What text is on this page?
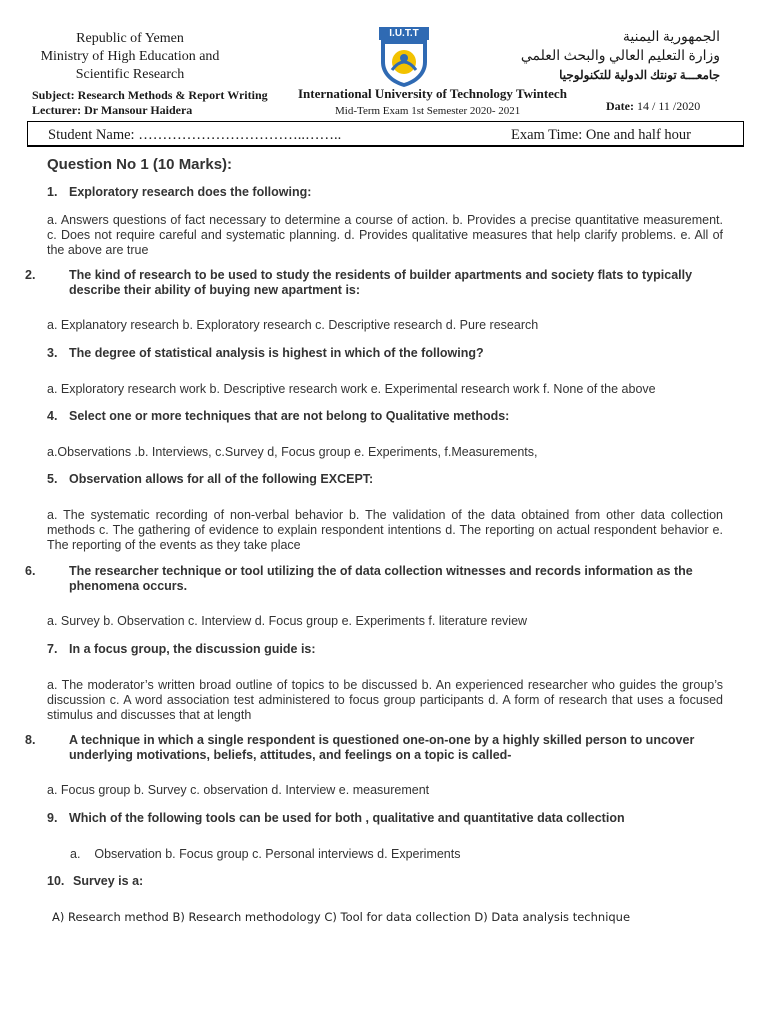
Republic of Yemen
Ministry of High Education and
Scientific Research
I.U.T.T	الجمهورية اليمنية
وزارة التعليم العالي والبحث العلمي
جامعـــة تونتك الدولية للتكنولوجيا
International University of Technology Twintech
Subject: Research Methods & Report Writing
Lecturer: Dr Mansour Haidera	Mid-Term Exam 1st Semester 2020- 2021	Date: 14 / 11 /2020
Student Name: ……………………………..……..	Exam Time: One and half hour
Question No 1 (10 Marks):
1. Exploratory research does the following:
a. Answers questions of fact necessary to determine a course of action. b. Provides a precise quantitative measurement. c. Does not require careful and systematic planning. d. Provides qualitative measures that help clarify problems. e. All of the above are true
2.	The kind of research to be used to study the residents of builder apartments and society flats to typically describe their ability of buying new apartment is:
a. Explanatory research b. Exploratory research c. Descriptive research d. Pure research
3. The degree of statistical analysis is highest in which of the following?
a. Exploratory research work b. Descriptive research work e. Experimental research work f. None of the above
4. Select one or more techniques that are not belong to Qualitative methods:
a.Observations .b. Interviews, c.Survey d, Focus group e. Experiments, f.Measurements,
5. Observation allows for all of the following EXCEPT:
a. The systematic recording of non-verbal behavior b. The validation of the data obtained from other data collection methods c. The gathering of evidence to explain respondent intentions d. The reporting on actual respondent behavior e. The reporting of the events as they take place
6.	The researcher technique or tool utilizing the of data collection witnesses and records information as the phenomena occurs.
a. Survey b. Observation c. Interview d. Focus group e. Experiments f. literature review
7. In a focus group, the discussion guide is:
a. The moderator’s written broad outline of topics to be discussed b. An experienced researcher who guides the group’s discussion c. A word association test administered to focus group participants d. A form of research that uses a focused stimulus and discusses that at length
8.	A technique in which a single respondent is questioned one-on-one by a highly skilled person to uncover underlying motivations, beliefs, attitudes, and feelings on a topic is called-
a. Focus group b. Survey c. observation d. Interview e. measurement
9. Which of the following tools can be used for both , qualitative and quantitative data collection
a. Observation b. Focus group c. Personal interviews d. Experiments
10. Survey is a:
A) Research method B) Research methodology C) Tool for data collection D) Data analysis technique
